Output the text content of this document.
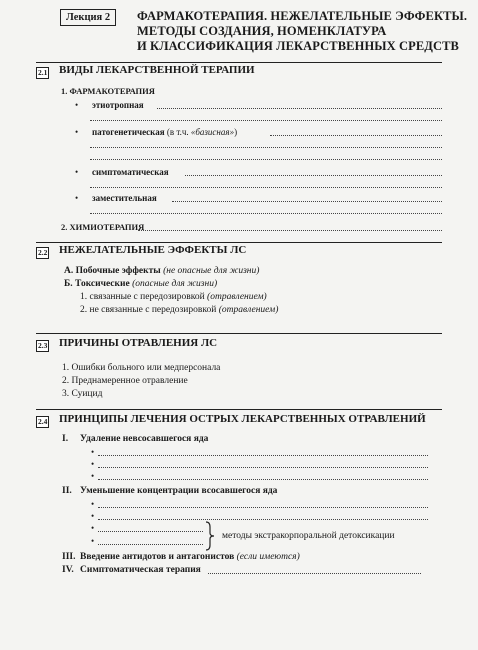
Лекция 2	ФАРМАКОТЕРАПИЯ. НЕЖЕЛАТЕЛЬНЫЕ ЭФФЕКТЫ.
МЕТОДЫ СОЗДАНИЯ, НОМЕНКЛАТУРА
И КЛАССИФИКАЦИЯ ЛЕКАРСТВЕННЫХ СРЕДСТВ
2.1 ВИДЫ ЛЕКАРСТВЕННОЙ ТЕРАПИИ
1. ФАРМАКОТЕРАПИЯ
• этиотропная
• патогенетическая (в т.ч. «базисная»)
• симптоматическая
• заместительная
2. ХИМИОТЕРАПИЯ
2.2 НЕЖЕЛАТЕЛЬНЫЕ ЭФФЕКТЫ ЛС
А. Побочные эффекты (не опасные для жизни)
Б. Токсические (опасные для жизни)
1. связанные с передозировкой (отравлением)
2. не связанные с передозировкой (отравлением)
2.3 ПРИЧИНЫ ОТРАВЛЕНИЯ ЛС
1. Ошибки больного или медперсонала
2. Преднамеренное отравление
3. Суицид
2.4 ПРИНЦИПЫ ЛЕЧЕНИЯ ОСТРЫХ ЛЕКАРСТВЕННЫХ ОТРАВЛЕНИЙ
I. Удаление невсосавшегося яда
•
•
•
II. Уменьшение концентрации всосавшегося яда
•
•
•
•	методы экстракорпоральной детоксикации
III. Введение антидотов и антагонистов (если имеются)
IV. Симптоматическая терапия
